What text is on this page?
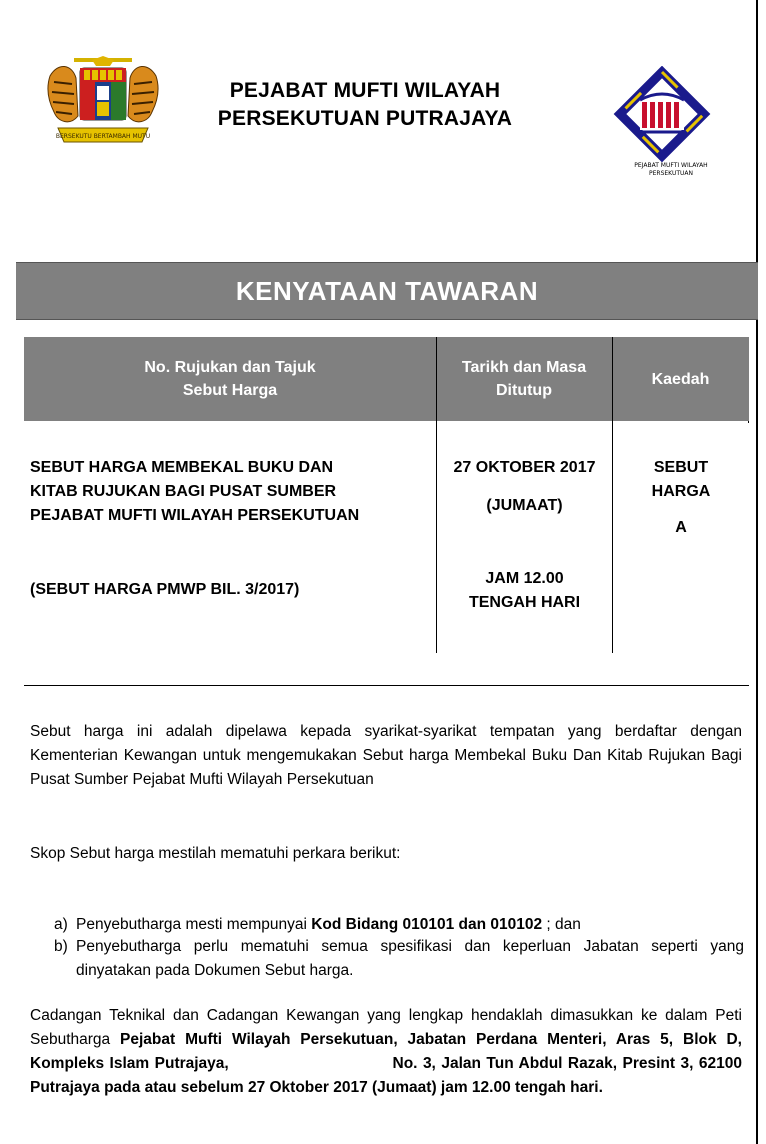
BERSEKUTU BERTAMBAH MUTU
PEJABAT MUFTI WILAYAH
PERSEKUTUAN PUTRAJAYA
PEJABAT MUFTI WILAYAH PERSEKUTUAN
KENYATAAN TAWARAN
No. Rujukan dan Tajuk
Sebut Harga
Tarikh dan Masa
Ditutup
Kaedah
SEBUT HARGA MEMBEKAL BUKU DAN
KITAB RUJUKAN BAGI PUSAT SUMBER
PEJABAT MUFTI WILAYAH PERSEKUTUAN
(SEBUT HARGA PMWP BIL. 3/2017)
27 OKTOBER 2017
(JUMAAT)
JAM 12.00
TENGAH HARI
SEBUT
HARGA
A
Sebut harga ini adalah dipelawa kepada syarikat-syarikat tempatan yang berdaftar dengan Kementerian Kewangan untuk mengemukakan Sebut harga Membekal Buku Dan Kitab Rujukan Bagi Pusat Sumber Pejabat Mufti Wilayah Persekutuan
Skop Sebut harga mestilah mematuhi perkara berikut:
a) Penyebutharga mesti mempunyai Kod Bidang 010101 dan 010102 ; dan
b) Penyebutharga perlu mematuhi semua spesifikasi dan keperluan Jabatan seperti yang dinyatakan pada Dokumen Sebut harga.
Cadangan Teknikal dan Cadangan Kewangan yang lengkap hendaklah dimasukkan ke dalam Peti Sebutharga Pejabat Mufti Wilayah Persekutuan, Jabatan Perdana Menteri, Aras 5, Blok D, Kompleks Islam Putrajaya,                              No. 3, Jalan Tun Abdul Razak, Presint 3, 62100 Putrajaya pada atau sebelum 27 Oktober 2017 (Jumaat) jam 12.00 tengah hari.
